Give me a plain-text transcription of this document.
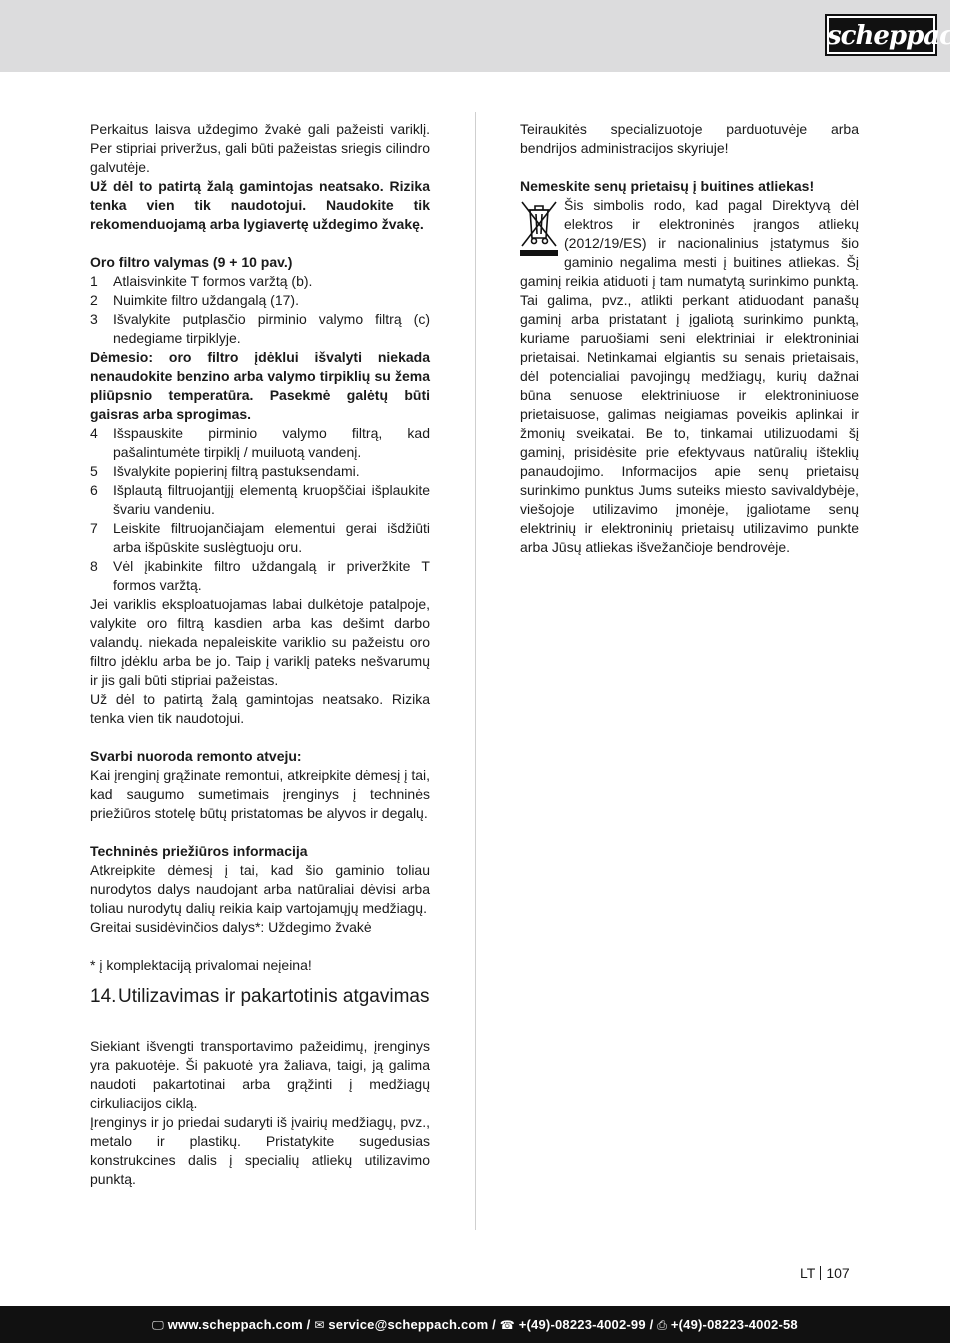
scheppach

Perkaitus laisva uždegimo žvakė gali pažeisti variklį. Per stipriai priveržus, gali būti pažeistas sriegis cilindro galvutėje.

Už dėl to patirtą žalą gamintojas neatsako. Rizika tenka vien tik naudotojui. Naudokite tik rekomenduojamą arba lygiavertę uždegimo žvakę.

Oro filtro valymas (9 + 10 pav.)

1 Atlaisvinkite T formos varžtą (b).
2 Nuimkite filtro uždangalą (17).
3 Išvalykite putplasčio pirminio valymo filtrą (c) nedegiame tirpiklyje.

Dėmesio: oro filtro įdėklui išvalyti niekada nenaudokite benzino arba valymo tirpiklių su žema pliūpsnio temperatūra. Pasekmė galėtų būti gaisras arba sprogimas.

4 Išspauskite pirminio valymo filtrą, kad pašalintumėte tirpiklį / muiluotą vandenį.
5 Išvalykite popierinį filtrą pastuksendami.
6 Išplautą filtruojantįjį elementą kruopščiai išplaukite švariu vandeniu.
7 Leiskite filtruojančiajam elementui gerai išdžiūti arba išpūskite suslėgtuoju oru.
8 Vėl įkabinkite filtro uždangalą ir priveržkite T formos varžtą.

Jei variklis eksploatuojamas labai dulkėtoje patalpoje, valykite oro filtrą kasdien arba kas dešimt darbo valandų. niekada nepaleiskite variklio su pažeistu oro filtro įdėklu arba be jo. Taip į variklį pateks nešvarumų ir jis gali būti stipriai pažeistas.

Už dėl to patirtą žalą gamintojas neatsako. Rizika tenka vien tik naudotojui.

Svarbi nuoroda remonto atveju:

Kai įrenginį grąžinate remontui, atkreipkite dėmesį į tai, kad saugumo sumetimais įrenginys į techninės priežiūros stotelę būtų pristatomas be alyvos ir degalų.

Techninės priežiūros informacija

Atkreipkite dėmesį į tai, kad šio gaminio toliau nurodytos dalys naudojant arba natūraliai dėvisi arba toliau nurodytų dalių reikia kaip vartojamųjų medžiagų.

Greitai susidėvinčios dalys*: Uždegimo žvakė

* į komplektaciją privalomai neįeina!

14. Utilizavimas ir pakartotinis atgavimas

Siekiant išvengti transportavimo pažeidimų, įrenginys yra pakuotėje. Ši pakuotė yra žaliava, taigi, ją galima naudoti pakartotinai arba grąžinti į medžiagų cirkuliacijos ciklą.

Įrenginys ir jo priedai sudaryti iš įvairių medžiagų, pvz., metalo ir plastikų. Pristatykite sugedusias konstrukcines dalis į specialių atliekų utilizavimo punktą.

Teiraukitės specializuotoje parduotuvėje arba bendrijos administracijos skyriuje!

Nemeskite senų prietaisų į buitines atliekas!

Šis simbolis rodo, kad pagal Direktyvą dėl elektros ir elektroninės įrangos atliekų (2012/19/ES) ir nacionalinius įstatymus šio gaminio negalima mesti į buitines atliekas. Šį gaminį reikia atiduoti į tam numatytą surinkimo punktą. Tai galima, pvz., atlikti perkant atiduodant panašų gaminį arba pristatant į įgaliotą surinkimo punktą, kuriame paruošiami seni elektriniai ir elektroniniai prietaisai. Netinkamai elgiantis su senais prietaisais, dėl potencialiai pavojingų medžiagų, kurių dažnai būna senuose elektriniuose ir elektroniniuose prietaisuose, galimas neigiamas poveikis aplinkai ir žmonių sveikatai. Be to, tinkamai utilizuodami šį gaminį, prisidėsite prie efektyvaus natūralių išteklių panaudojimo. Informacijos apie senų prietaisų surinkimo punktus Jums suteiks miesto savivaldybėje, viešojoje utilizavimo įmonėje, įgaliotame senų elektrinių ir elektroninių prietaisų utilizavimo punkte arba Jūsų atliekas išvežančioje bendrovėje.

LT 107
🖵 www.scheppach.com / ✉ service@scheppach.com / ☎ +(49)-08223-4002-99 / ⎙ +(49)-08223-4002-58
